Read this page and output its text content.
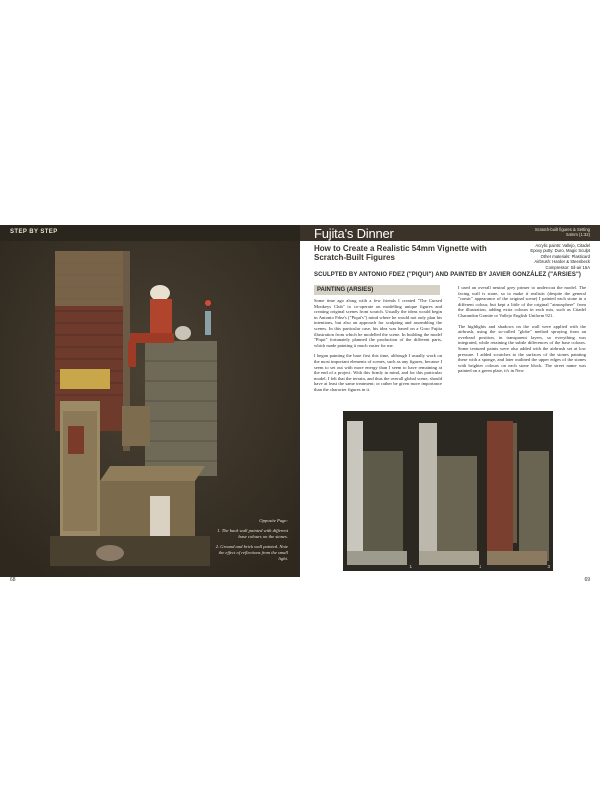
STEP BY STEP

Opposite Page:

1. The back wall painted with different base colours on the stones.

2. Ground and brick wall painted. Note the effect of reflections from the small light.

68
Fujita's Dinner	Scratch-built figures & Setting
54mm (1:32)
Acrylic paints: Vallejo, Citadel
Epoxy putty: Duro, Magic Sculpt
Other materials: Plasticard
Airbrush: Harder & Steenbeck
Compressor: Sil-air 15A
How to Create a Realistic 54mm Vignette with Scratch-Built Figures
SCULPTED BY ANTONIO FDEZ ("PIQUI") AND PAINTED BY JAVIER GONZÁLEZ ("ARSIES")
PAINTING (ARSIES)

Some time ago along with a few friends I created "The Cursed Monkeys Club" to co-operate on modelling unique figures and creating original scenes from scratch. Usually the ideas would begin in Antonio Fdez's ("Piqui's") mind where he would not only plan his intentions, but also an approach for sculpting and assembling the scenes. In this particular case, his idea was based on a Goro Fujita illustration from which he modelled the scene. In building the model "Piqui" fortunately planned the production of the different parts, which made painting it much easier for me.

I began painting the base first this time, although I usually work on the most important elements of scenes, such as any figures, because I seem to set out with more energy than I seem to have remaining at the end of a project. With this firmly in mind, and for this particular model, I felt that the terrain, and thus the overall global scene, should have at least the same treatment; or rather be given more importance than the character figures in it.

I used an overall neutral grey primer to undercoat the model. The facing wall is stone, so to make it realistic (despite the general "comic" appearance of the original scene) I painted each stone in a different colour, but kept a little of the original "atmosphere" from the illustration, adding extra colours in each mix, such as Citadel Charandon Granite or Vallejo English Uniform 921.

The highlights and shadows on the wall were applied with the airbrush, using the so-called "globe" method spraying from an overhead position, in transparent layers, so everything was integrated, while retaining the subtle differences of the base colours. Some textured paints were also added with the airbrush set at low pressure. I added scratches to the surfaces of the stones painting these with a sponge, and later outlined the upper edges of the stones with brighter colours on each stone block. The street name was painted on a green plate, it's in New

1	3
69
